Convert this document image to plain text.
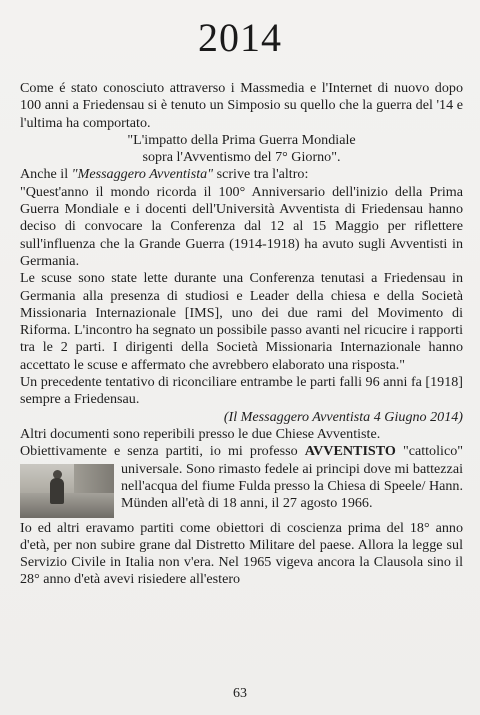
2014

Come é stato conosciuto attraverso i Massmedia e l'Internet di nuovo dopo 100 anni a Friedensau si è tenuto un Simposio su quello che la guerra del '14 e l'ultima ha comportato.

"L'impatto della Prima Guerra Mondiale

sopra l'Avventismo del 7° Giorno".

Anche il "Messaggero Avventista" scrive tra l'altro:

"Quest'anno il mondo ricorda il 100° Anniversario dell'inizio della Prima Guerra Mondiale e i docenti dell'Università Avventista di Friedensau hanno deciso di convocare la Conferenza dal 12 al 15 Maggio per riflettere sull'influenza che la Grande Guerra (1914-1918) ha avuto sugli Avventisti in Germania.

Le scuse sono state lette durante una Conferenza tenutasi a Friedensau in Germania alla presenza di studiosi e Leader della chiesa e della Società Missionaria Internazionale [IMS], uno dei due rami del Movimento di Riforma. L'incontro ha segnato un possibile passo avanti nel ricucire i rapporti tra le 2 parti. I dirigenti della Società Missionaria Internazionale hanno accettato le scuse e affermato che avrebbero elaborato una risposta."

Un precedente tentativo di riconciliare entrambe le parti falli 96 anni fa [1918] sempre a Friedensau.

(Il Messaggero Avventista 4 Giugno 2014)

Altri documenti sono reperibili presso le due Chiese Avventiste.

Obiettivamente e senza partiti, io mi professo AVVENTISTO
"cattolico" universale. Sono rimasto fedele ai principi dove mi battezzai nell'acqua del fiume Fulda presso la Chiesa di Speele/ Hann. Münden all'età di 18 anni, il 27 agosto 1966.

Io ed altri eravamo partiti come obiettori di coscienza prima del 18° anno d'età, per non subire grane dal Distretto Militare del paese. Allora la legge sul Servizio Civile in Italia non v'era. Nel 1965 vigeva ancora la Clausola sino il 28° anno d'età avevi risiedere all'estero

63
